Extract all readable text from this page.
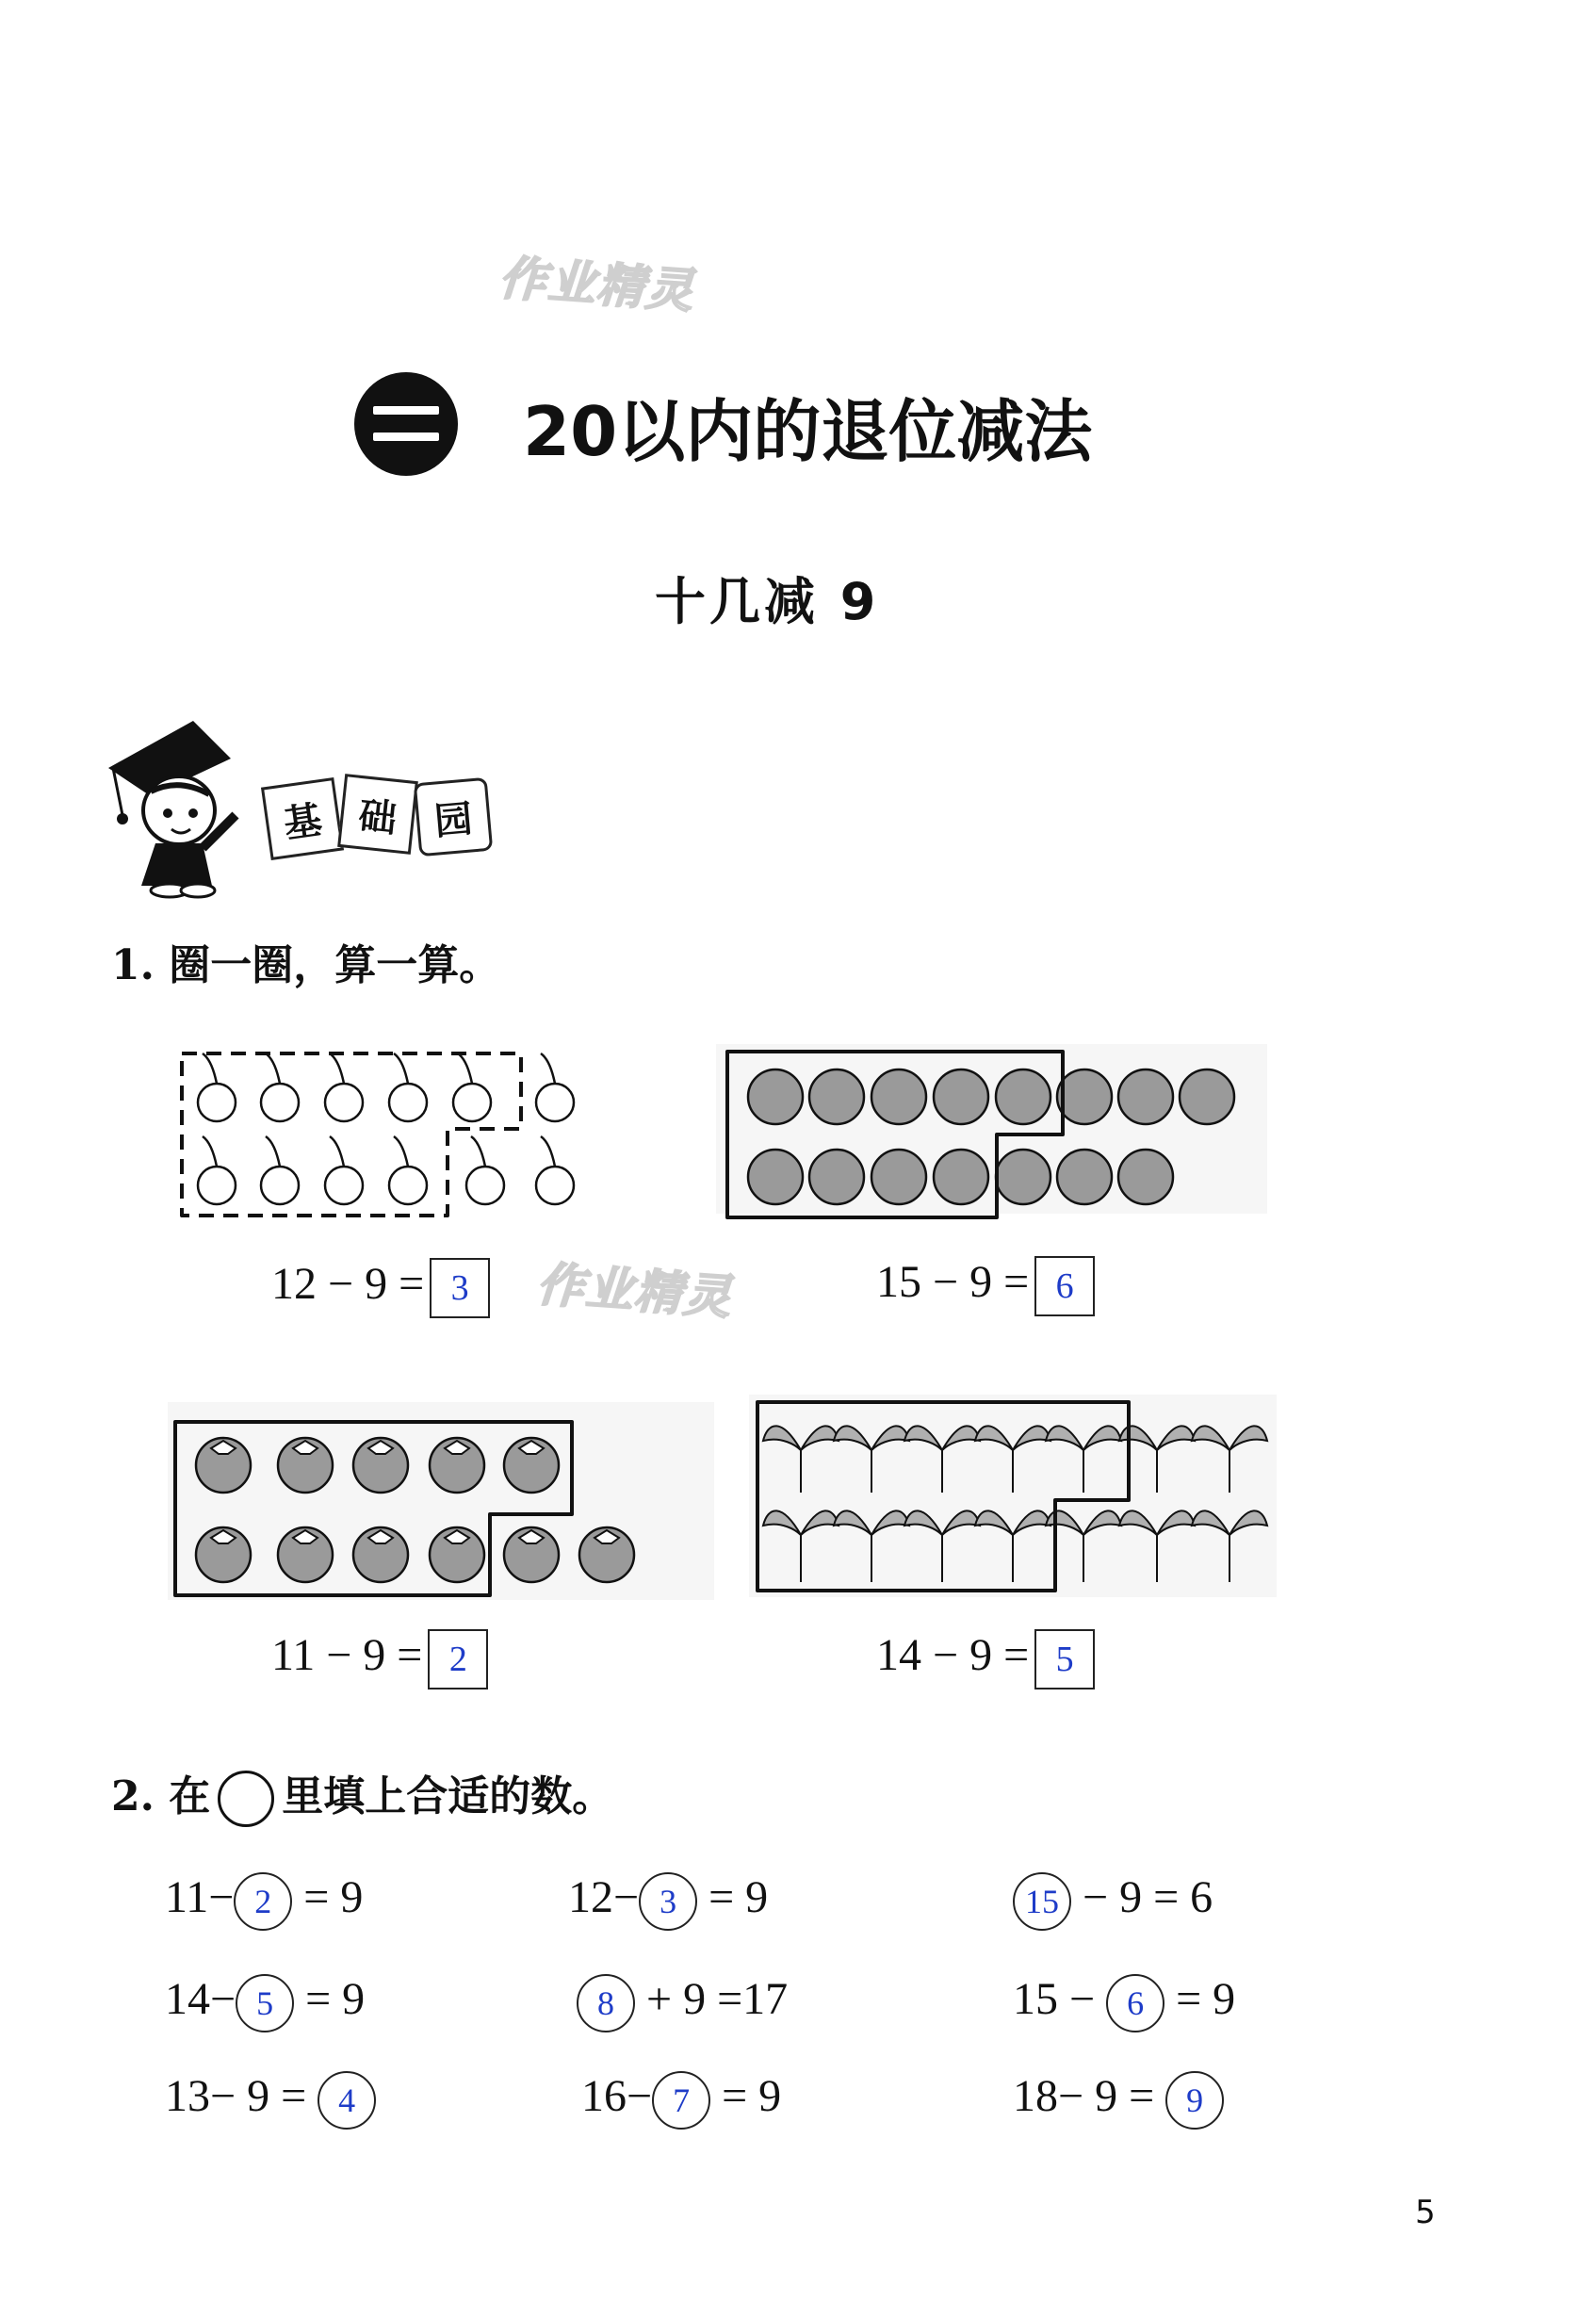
作业精灵
作业精灵
20以内的退位减法
十几减 9
基 础 园
1. 圈一圈，算一算。
12 − 9 = 3	15 − 9 = 6
11 − 9 = 2	14 − 9 = 5
2. 在 里填上合适的数。
11− 2 = 9	12− 3 = 9	15 − 9 = 6
14− 5 = 9	8 + 9 =17	15 − 6 = 9
13− 9 = 4	16− 7 = 9	18− 9 = 9
5
